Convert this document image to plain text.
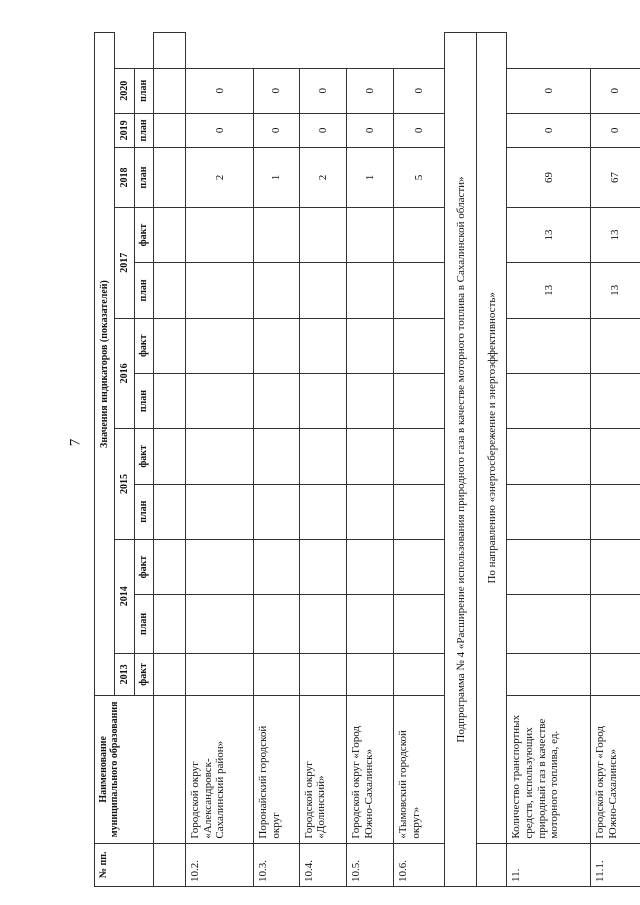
7
№ пп.	Наименование муниципального образования	Значения индикаторов (показателей)												
		2013	2014		2015		2016		2017		2018	2019	2020	
		факт	план	факт	план	факт	план	факт	план	факт	план	план	план	

10.2.	Городской округ «Александровск-Сахалинский район»										2	0	0	
10.3.	Поронайский городской округ										1	0	0	
10.4.	Городской округ «Долинский»										2	0	0	
10.5.	Городской округ «Город Южно-Сахалинск»										1	0	0	
10.6.	«Тымовский городской округ»										5	0	0	
Подпрограмма № 4 «Расширение использования природного газа в качестве моторного топлива в Сахалинской области»														
	По направлению «энергосбережение и энергоэффективность»													
11.	Количество транспортных средств, использующих природный газ в качестве моторного топлива, ед.								13	13	69	0	0	
11.1.	Городской округ «Город Южно-Сахалинск»								13	13	67	0	0	
